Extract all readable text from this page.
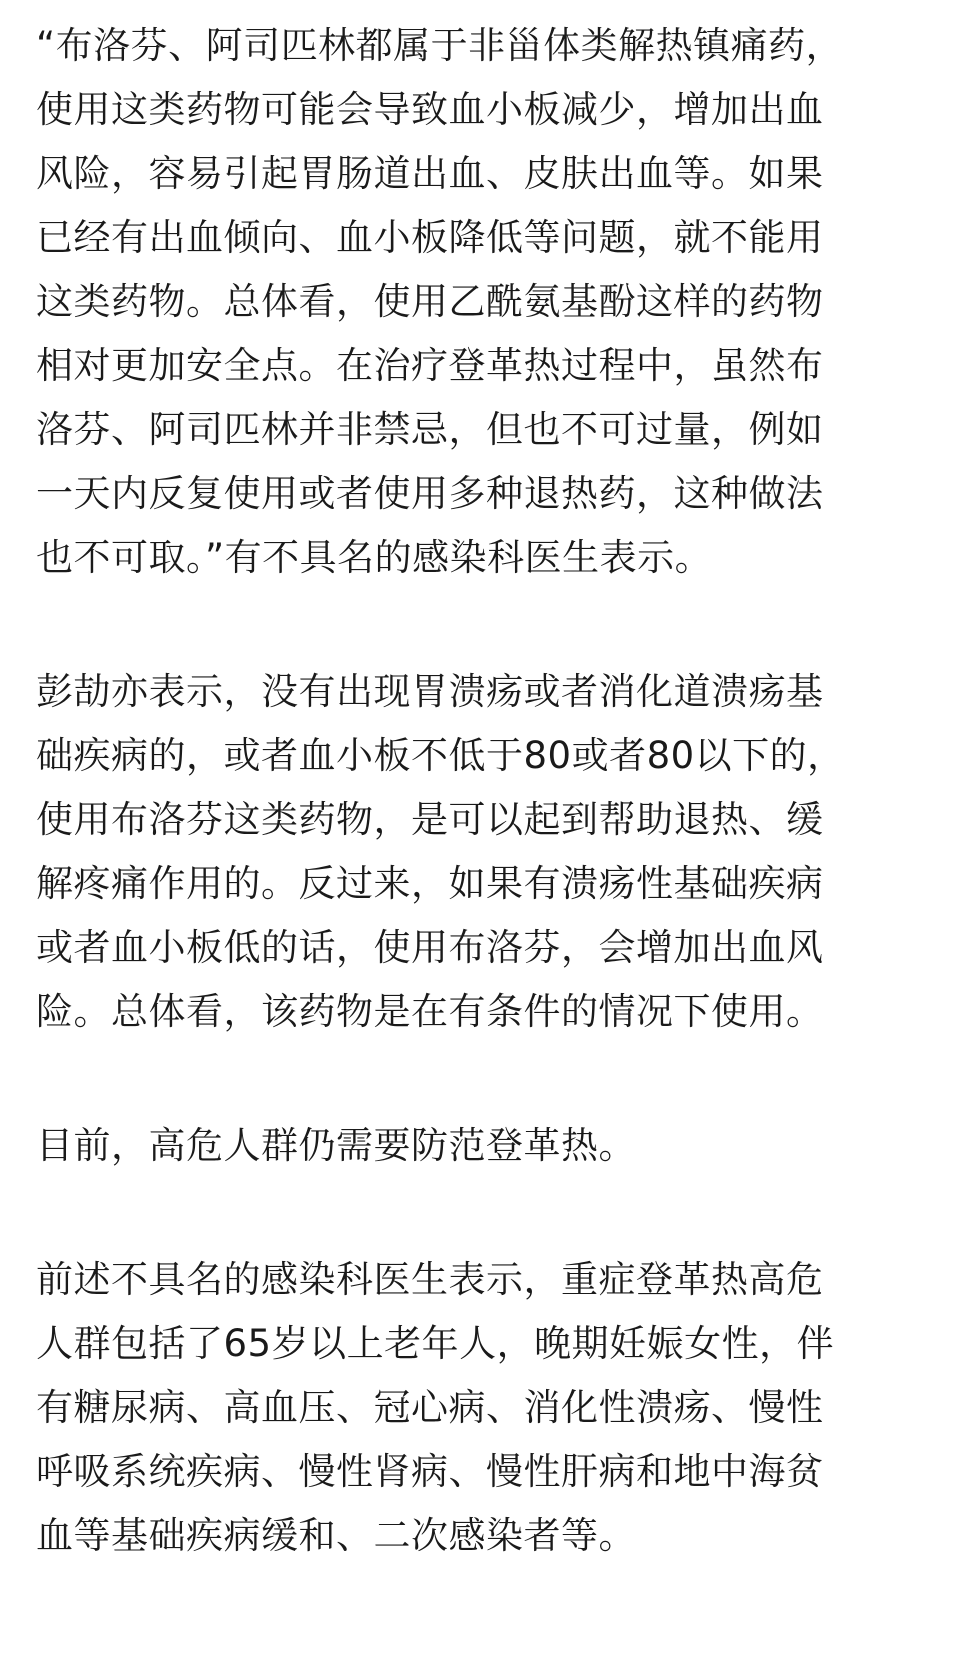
“布洛芬、阿司匹林都属于非甾体类解热镇痛药，
使用这类药物可能会导致血小板减少，增加出血
风险，容易引起胃肠道出血、皮肤出血等。如果
已经有出血倾向、血小板降低等问题，就不能用
这类药物。总体看，使用乙酰氨基酚这样的药物
相对更加安全点。在治疗登革热过程中，虽然布
洛芬、阿司匹林并非禁忌，但也不可过量，例如
一天内反复使用或者使用多种退热药，这种做法
也不可取。”有不具名的感染科医生表示。
彭劼亦表示，没有出现胃溃疡或者消化道溃疡基
础疾病的，或者血小板不低于80或者80以下的，
使用布洛芬这类药物，是可以起到帮助退热、缓
解疼痛作用的。反过来，如果有溃疡性基础疾病
或者血小板低的话，使用布洛芬，会增加出血风
险。总体看，该药物是在有条件的情况下使用。
目前，高危人群仍需要防范登革热。
前述不具名的感染科医生表示，重症登革热高危
人群包括了65岁以上老年人，晚期妊娠女性，伴
有糖尿病、高血压、冠心病、消化性溃疡、慢性
呼吸系统疾病、慢性肾病、慢性肝病和地中海贫
血等基础疾病缓和、二次感染者等。
